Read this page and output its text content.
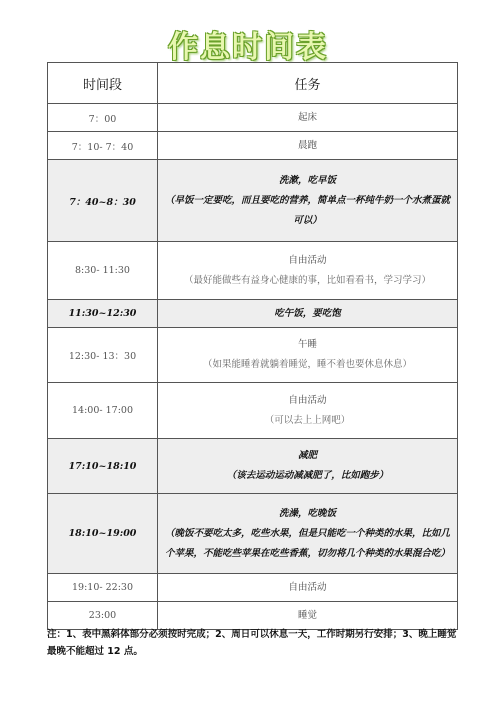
作息时间表
时间段	任务
7：00	起床

7：10- 7：40	晨跑

7：40~8：30	洗漱，吃早饭

（早饭一定要吃，而且要吃的营养，简单点一杯纯牛奶一个水煮蛋就可以）

8:30- 11:30	自由活动

（最好能做些有益身心健康的事，比如看看书，学习学习）

11:30~12:30	吃午饭，要吃饱

12:30- 13：30	午睡

（如果能睡着就躺着睡觉，睡不着也要休息休息）

14:00- 17:00	自由活动

（可以去上上网吧）

17:10~18:10	减肥

（该去运动运动减减肥了，比如跑步）

18:10~19:00	洗澡，吃晚饭

（晚饭不要吃太多，吃些水果，但是只能吃一个种类的水果，比如几个苹果，不能吃些苹果在吃些香蕉，切勿将几个种类的水果混合吃）

19:10- 22:30	自由活动

23:00	睡觉

注：1、表中黑斜体部分必须按时完成；2、周日可以休息一天，工作时期另行安排；3、晚上睡觉最晚不能超过 12 点。
